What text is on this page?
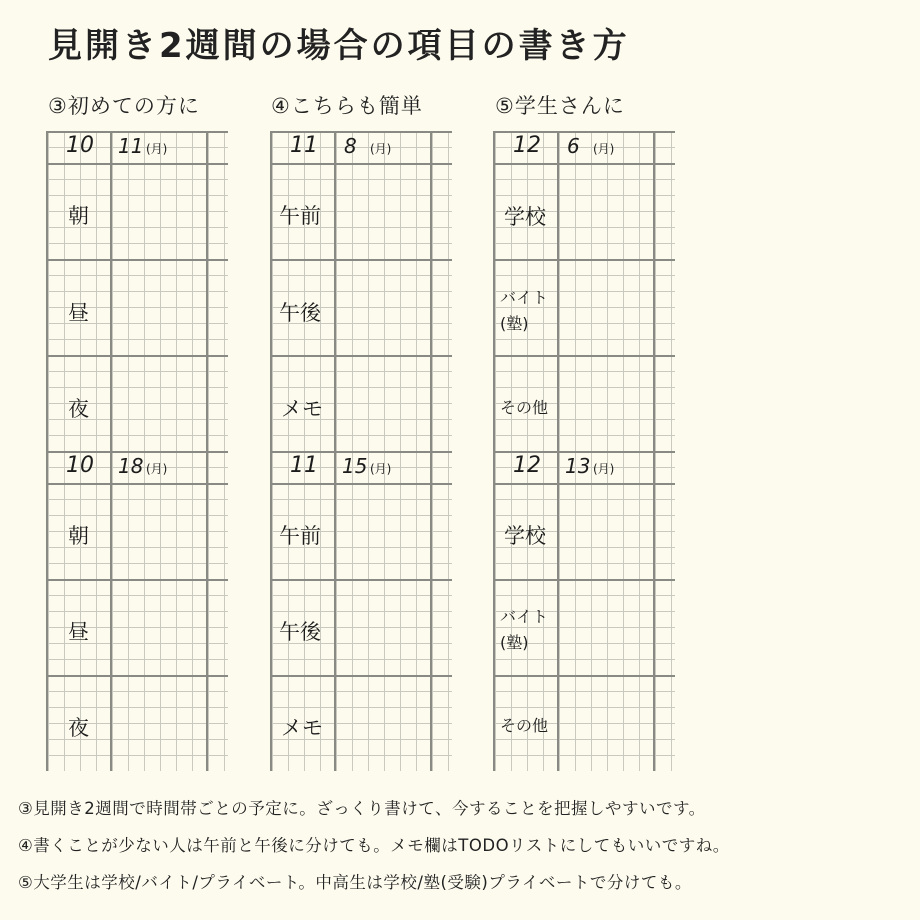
見開き2週間の場合の項目の書き方
③初めての方に
10 11 (月)
朝
昼
夜
10 18 (月)
朝
昼
夜
④こちらも簡単
11 8 (月)
午前
午後
メモ
11 15 (月)
午前
午後
メモ
⑤学生さんに
12 6 (月)
学校
バイト
(塾)
その他
12 13 (月)
学校
バイト
(塾)
その他
③見開き2週間で時間帯ごとの予定に。ざっくり書けて、今することを把握しやすいです。
④書くことが少ない人は午前と午後に分けても。メモ欄はTODOリストにしてもいいですね。
⑤大学生は学校/バイト/プライベート。中高生は学校/塾(受験)プライベートで分けても。
